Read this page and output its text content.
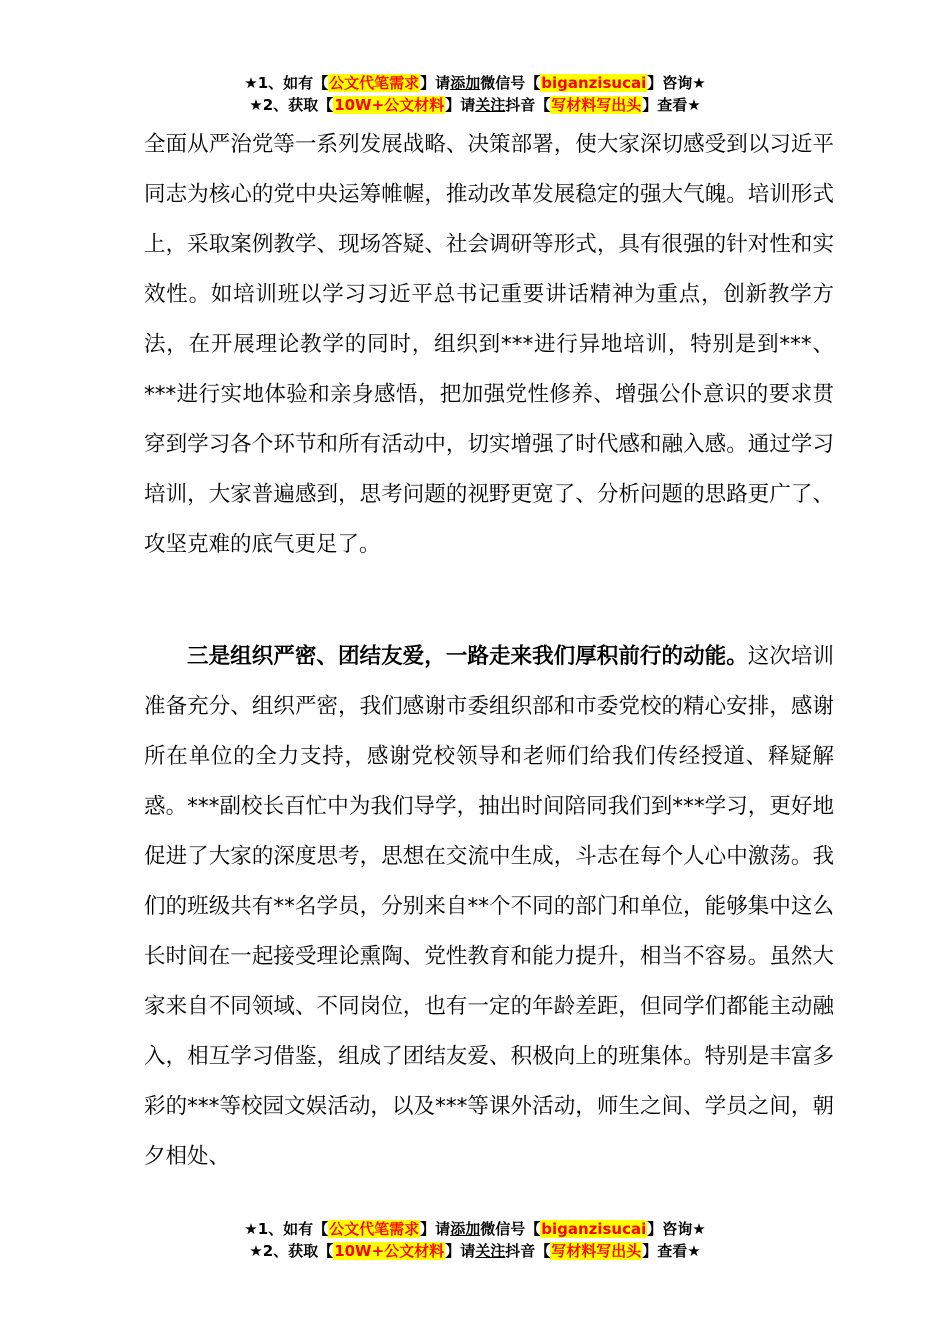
★1、如有【公文代笔需求】请添加微信号【biganzisucai】咨询★
★2、获取【10W+公文材料】请关注抖音【写材料写出头】查看★
全面从严治党等一系列发展战略、决策部署，使大家深切感受到以习近平同志为核心的党中央运筹帷幄，推动改革发展稳定的强大气魄。培训形式上，采取案例教学、现场答疑、社会调研等形式，具有很强的针对性和实效性。如培训班以学习习近平总书记重要讲话精神为重点，创新教学方法，在开展理论教学的同时，组织到***进行异地培训，特别是到***、***进行实地体验和亲身感悟，把加强党性修养、增强公仆意识的要求贯穿到学习各个环节和所有活动中，切实增强了时代感和融入感。通过学习培训，大家普遍感到，思考问题的视野更宽了、分析问题的思路更广了、攻坚克难的底气更足了。
三是组织严密、团结友爱，一路走来我们厚积前行的动能。这次培训准备充分、组织严密，我们感谢市委组织部和市委党校的精心安排，感谢所在单位的全力支持，感谢党校领导和老师们给我们传经授道、释疑解惑。***副校长百忙中为我们导学，抽出时间陪同我们到***学习，更好地促进了大家的深度思考，思想在交流中生成，斗志在每个人心中激荡。我们的班级共有**名学员，分别来自**个不同的部门和单位，能够集中这么长时间在一起接受理论熏陶、党性教育和能力提升，相当不容易。虽然大家来自不同领域、不同岗位，也有一定的年龄差距，但同学们都能主动融入，相互学习借鉴，组成了团结友爱、积极向上的班集体。特别是丰富多彩的***等校园文娱活动，以及***等课外活动，师生之间、学员之间，朝夕相处、
★1、如有【公文代笔需求】请添加微信号【biganzisucai】咨询★
★2、获取【10W+公文材料】请关注抖音【写材料写出头】查看★
